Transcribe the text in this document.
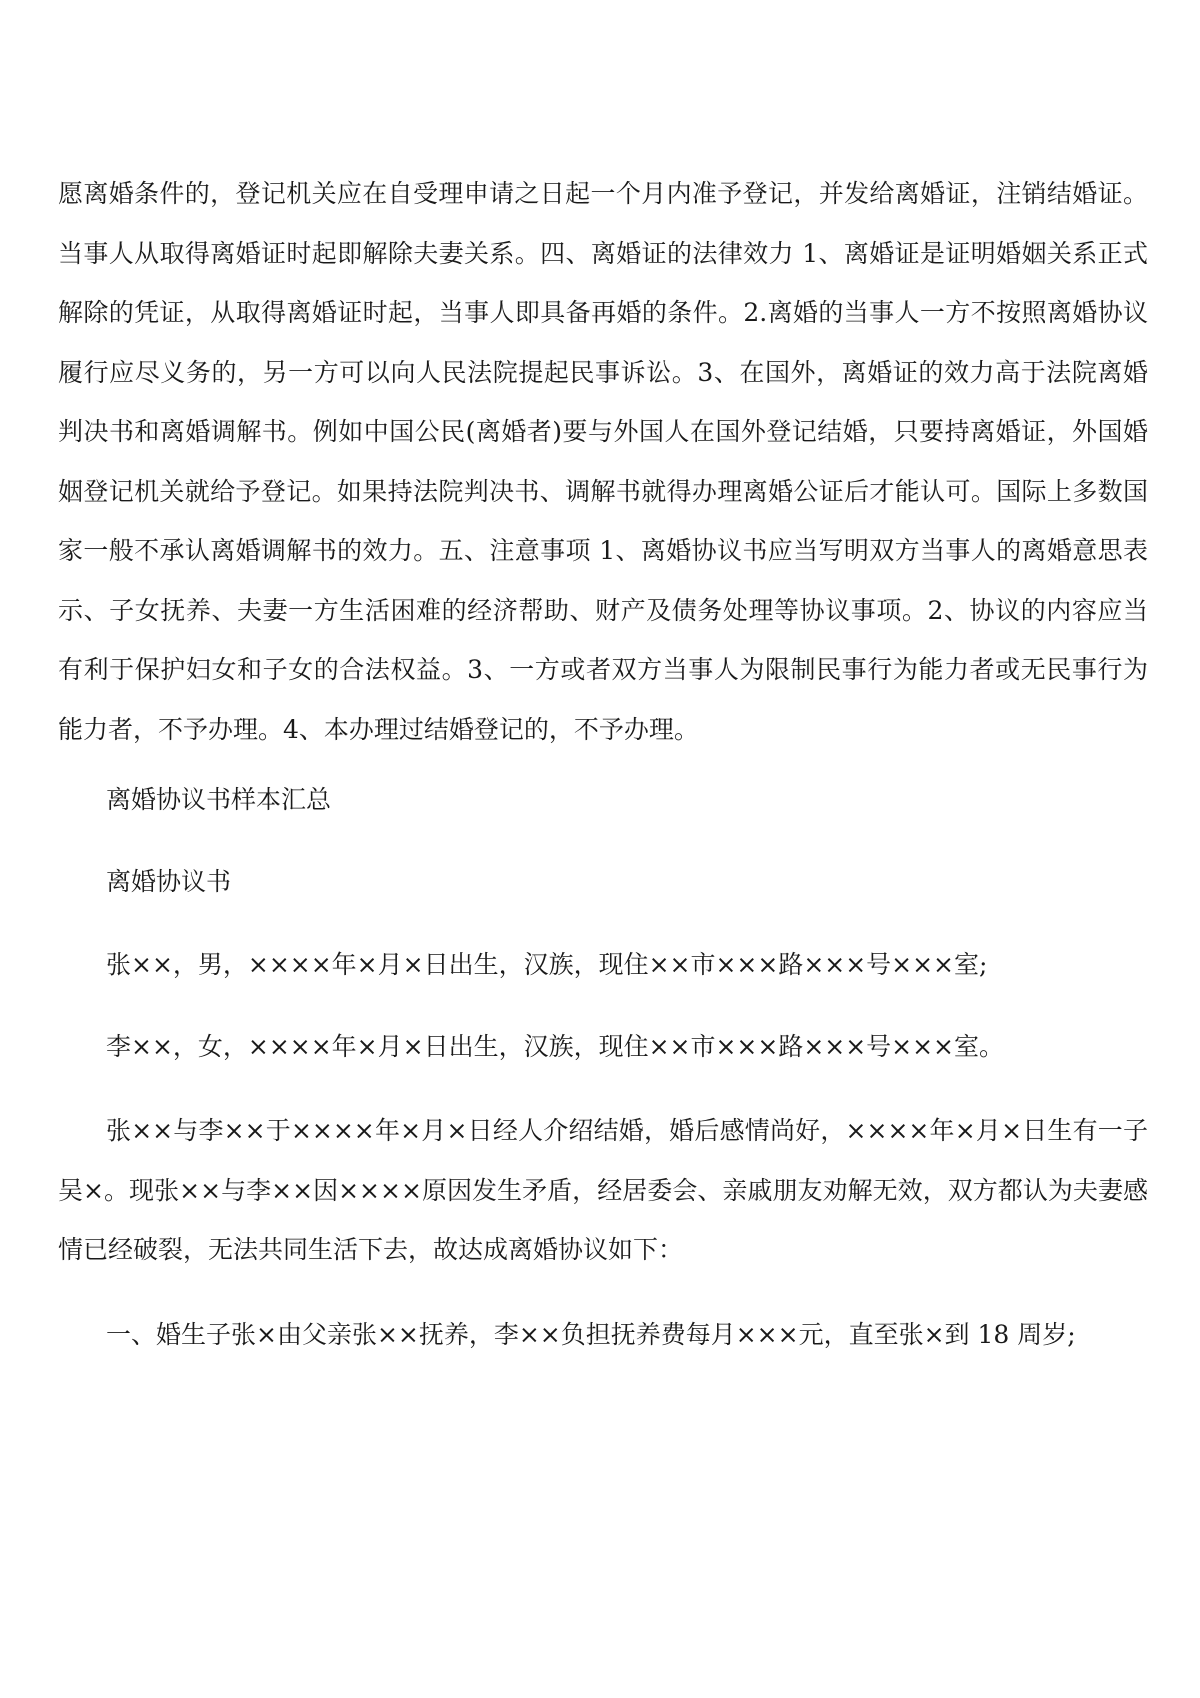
愿离婚条件的，登记机关应在自受理申请之日起一个月内准予登记，并发给离婚证，注销结婚证。当事人从取得离婚证时起即解除夫妻关系。四、离婚证的法律效力 1、离婚证是证明婚姻关系正式解除的凭证，从取得离婚证时起，当事人即具备再婚的条件。2.离婚的当事人一方不按照离婚协议履行应尽义务的，另一方可以向人民法院提起民事诉讼。3、在国外，离婚证的效力高于法院离婚判决书和离婚调解书。例如中国公民(离婚者)要与外国人在国外登记结婚，只要持离婚证，外国婚姻登记机关就给予登记。如果持法院判决书、调解书就得办理离婚公证后才能认可。国际上多数国家一般不承认离婚调解书的效力。五、注意事项 1、离婚协议书应当写明双方当事人的离婚意思表示、子女抚养、夫妻一方生活困难的经济帮助、财产及债务处理等协议事项。2、协议的内容应当有利于保护妇女和子女的合法权益。3、一方或者双方当事人为限制民事行为能力者或无民事行为能力者，不予办理。4、本办理过结婚登记的，不予办理。

离婚协议书样本汇总

离婚协议书

张××，男，××××年×月×日出生，汉族，现住××市×××路×××号×××室;

李××，女，××××年×月×日出生，汉族，现住××市×××路×××号×××室。

张××与李××于××××年×月×日经人介绍结婚，婚后感情尚好，××××年×月×日生有一子吴×。现张××与李××因××××原因发生矛盾，经居委会、亲戚朋友劝解无效，双方都认为夫妻感情已经破裂，无法共同生活下去，故达成离婚协议如下：

一、婚生子张×由父亲张××抚养，李××负担抚养费每月×××元，直至张×到 18 周岁;
